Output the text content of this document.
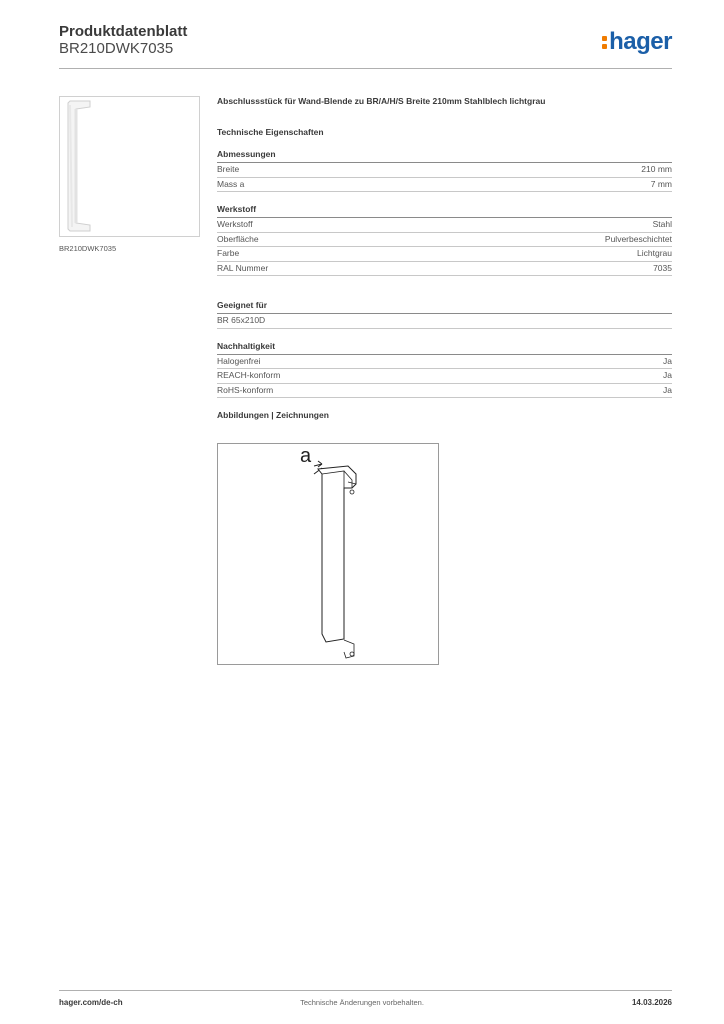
Produktdatenblatt
BR210DWK7035	hager
BR210DWK7035
Abschlussstück für Wand-Blende zu BR/A/H/S Breite 210mm Stahlblech lichtgrau
Technische Eigenschaften
Abmessungen
Breite	210 mm
Mass a	7 mm
Werkstoff
Werkstoff	Stahl
Oberfläche	Pulverbeschichtet
Farbe	Lichtgrau
RAL Nummer	7035
Geeignet für
BR 65x210D
Nachhaltigkeit
Halogenfrei	Ja
REACH-konform	Ja
RoHS-konform	Ja
Abbildungen | Zeichnungen
a
hager.com/de-ch	Technische Änderungen vorbehalten.	14.03.2026
